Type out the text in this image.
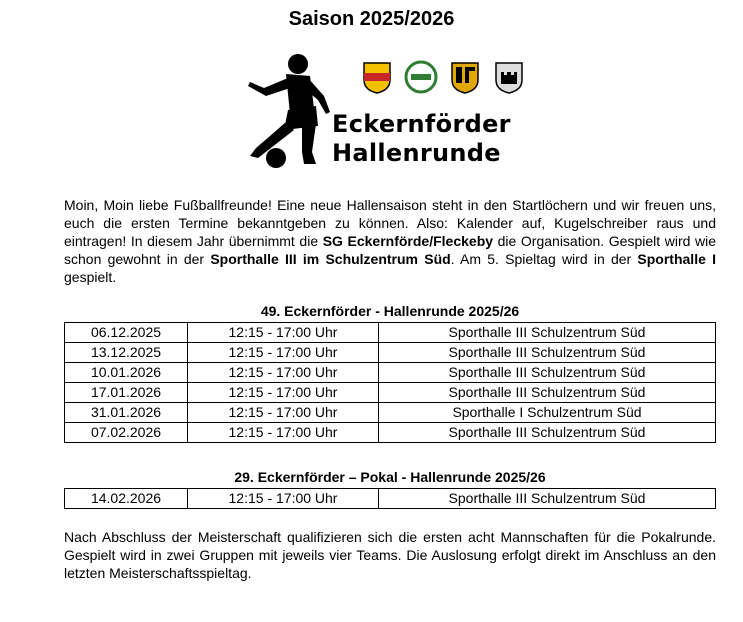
Saison 2025/2026
Eckernförder
Hallenrunde
Moin, Moin liebe Fußballfreunde! Eine neue Hallensaison steht in den Startlöchern und wir freuen uns, euch die ersten Termine bekanntgeben zu können. Also: Kalender auf, Kugelschreiber raus und eintragen! In diesem Jahr übernimmt die SG Eckernförde/Fleckeby die Organisation. Gespielt wird wie schon gewohnt in der Sporthalle III im Schulzentrum Süd. Am 5. Spieltag wird in der Sporthalle I gespielt.
49. Eckernförder - Hallenrunde 2025/26
06.12.2025	12:15 - 17:00 Uhr	Sporthalle III Schulzentrum Süd
13.12.2025	12:15 - 17:00 Uhr	Sporthalle III Schulzentrum Süd
10.01.2026	12:15 - 17:00 Uhr	Sporthalle III Schulzentrum Süd
17.01.2026	12:15 - 17:00 Uhr	Sporthalle III Schulzentrum Süd
31.01.2026	12:15 - 17:00 Uhr	Sporthalle I Schulzentrum Süd
07.02.2026	12:15 - 17:00 Uhr	Sporthalle III Schulzentrum Süd
29. Eckernförder – Pokal - Hallenrunde 2025/26
14.02.2026	12:15 - 17:00 Uhr	Sporthalle III Schulzentrum Süd
Nach Abschluss der Meisterschaft qualifizieren sich die ersten acht Mannschaften für die Pokalrunde. Gespielt wird in zwei Gruppen mit jeweils vier Teams. Die Auslosung erfolgt direkt im Anschluss an den letzten Meisterschaftsspieltag.
